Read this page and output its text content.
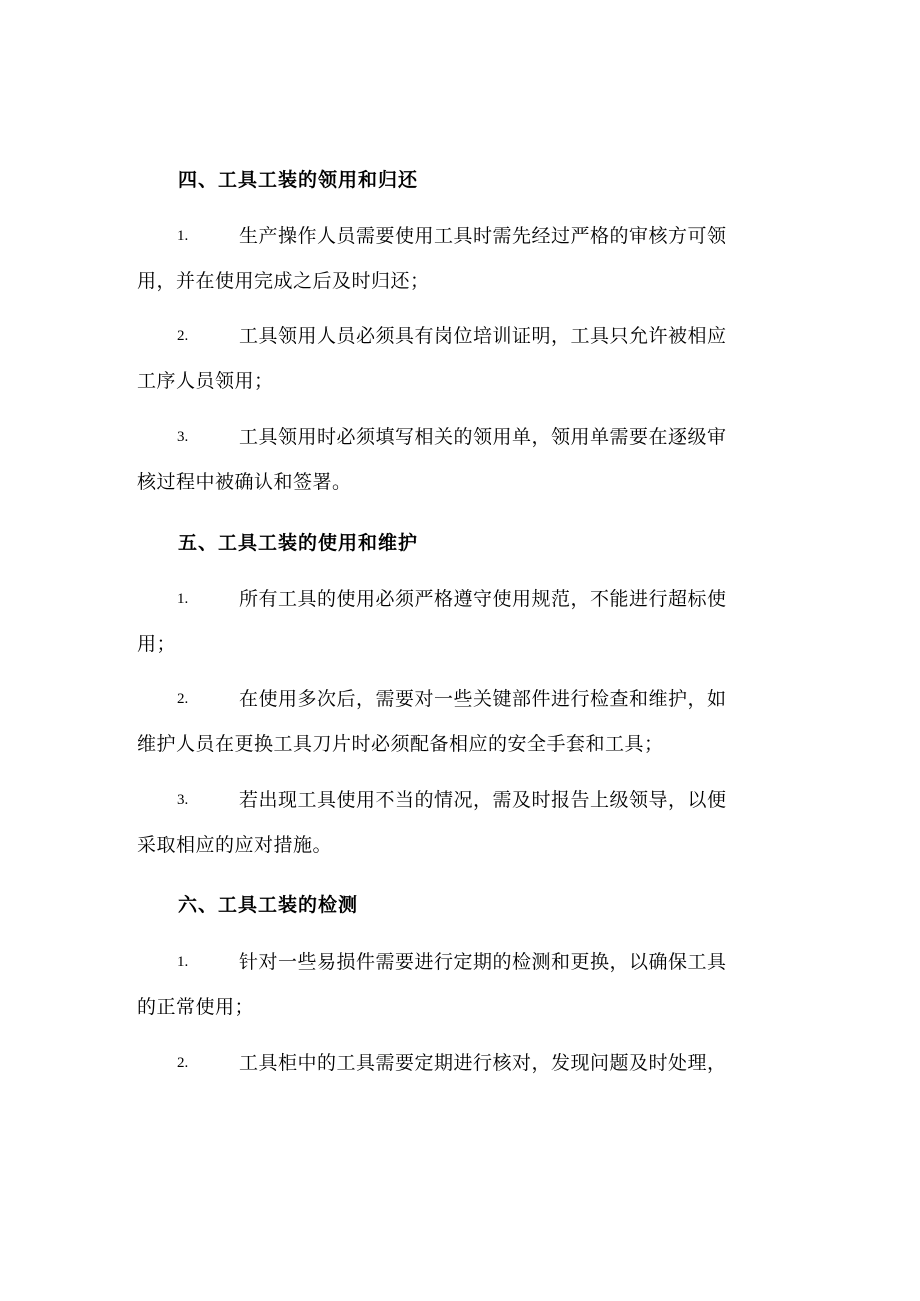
四、工具工装的领用和归还
1.	生产操作人员需要使用工具时需先经过严格的审核方可领
用，并在使用完成之后及时归还；
2.	工具领用人员必须具有岗位培训证明，工具只允许被相应
工序人员领用；
3.	工具领用时必须填写相关的领用单，领用单需要在逐级审
核过程中被确认和签署。
五、工具工装的使用和维护
1.	所有工具的使用必须严格遵守使用规范，不能进行超标使
用；
2.	在使用多次后，需要对一些关键部件进行检查和维护，如
维护人员在更换工具刀片时必须配备相应的安全手套和工具；
3.	若出现工具使用不当的情况，需及时报告上级领导，以便
采取相应的应对措施。
六、工具工装的检测
1.	针对一些易损件需要进行定期的检测和更换，以确保工具
的正常使用；
2.	工具柜中的工具需要定期进行核对，发现问题及时处理，
